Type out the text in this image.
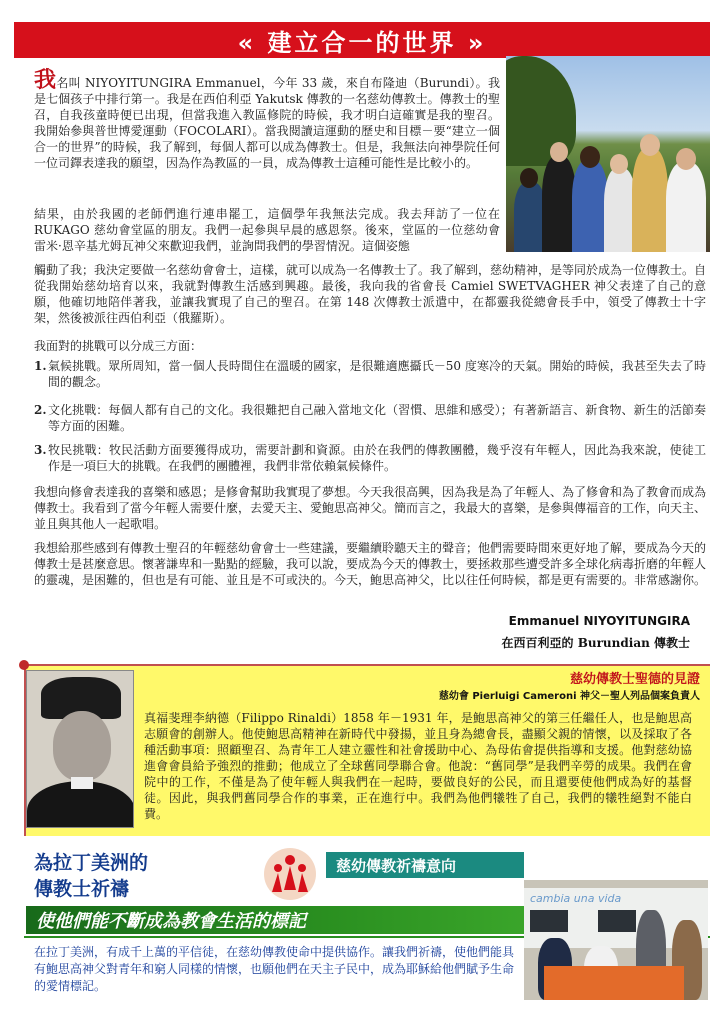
« 建立合一的世界 »
我名叫 NIYOYITUNGIRA Emmanuel，今年 33 歲，來自布隆迪（Burundi）。我是七個孩子中排行第一。我是在西伯利亞 Yakutsk 傳教的一名慈幼傳教士。傳教士的聖召，自我孩童時便已出現，但當我進入教區修院的時候，我才明白這確實是我的聖召。我開始參與普世博愛運動（FOCOLARI）。當我閱讀這運動的歷史和目標－要“建立一個合一的世界”的時候，我了解到，每個人都可以成為傳教士。但是，我無法向神學院任何一位司鐸表達我的願望，因為作為教區的一員，成為傳教士這種可能性是比較小的。
結果，由於我國的老師們進行連串罷工，這個學年我無法完成。我去拜訪了一位在 RUKAGO 慈幼會堂區的朋友。我們一起參與早晨的感恩祭。後來，堂區的一位慈幼會雷米·恩辛基尤姆瓦神父來歡迎我們，並詢問我們的學習情況。這個姿態
觸動了我；我決定要做一名慈幼會會士，這樣，就可以成為一名傳教士了。我了解到，慈幼精神，是等同於成為一位傳教士。自從我開始慈幼培育以來，我就對傳教生活感到興趣。最後，我向我的省會長 Camiel SWETVAGHER 神父表達了自己的意願，他確切地陪伴著我，並讓我實現了自己的聖召。在第 148 次傳教士派遣中，在都靈我從總會長手中，領受了傳教士十字架，然後被派往西伯利亞（俄羅斯）。
我面對的挑戰可以分成三方面：
1. 氣候挑戰。眾所周知，當一個人長時間住在溫暖的國家，是很難適應攝氏－50 度寒冷的天氣。開始的時候，我甚至失去了時間的觀念。
2. 文化挑戰：每個人都有自己的文化。我很難把自己融入當地文化（習慣、思維和感受）；有著新語言、新食物、新生的活節奏等方面的困難。
3. 牧民挑戰：牧民活動方面要獲得成功，需要計劃和資源。由於在我們的傳教團體，幾乎沒有年輕人，因此為我來說，使徒工作是一項巨大的挑戰。在我們的團體裡，我們非常依賴氣候條件。
我想向修會表達我的喜樂和感恩；是修會幫助我實現了夢想。今天我很高興，因為我是為了年輕人、為了修會和為了教會而成為傳教士。我看到了當今年輕人需要什麼，去愛天主、愛鮑思高神父。簡而言之，我最大的喜樂，是參與傳福音的工作，向天主、並且與其他人一起歌唱。
我想給那些感到有傳教士聖召的年輕慈幼會會士一些建議，要繼續聆聽天主的聲音；他們需要時間來更好地了解，要成為今天的傳教士是甚麼意思。懷著謙卑和一點點的經驗，我可以說，要成為今天的傳教士，要拯救那些遭受許多全球化病毒折磨的年輕人的靈魂，是困難的，但也是有可能、並且是不可或決的。今天，鮑思高神父，比以往任何時候，都是更有需要的。非常感謝你。
Emmanuel NIYOYITUNGIRA
在西百利亞的 Burundian 傳教士
慈幼傳教士聖德的見證
慈幼會 Pierluigi Cameroni 神父－聖人列品個案負責人
真福斐理李納德（Filippo Rinaldi）1858 年－1931 年，是鮑思高神父的第三任繼任人，也是鮑思高志願會的創辦人。他使鮑思高精神在新時代中發揚，並且身為總會長，盡顯父親的情懷，以及採取了各種活動事項：照顧聖召、為青年工人建立靈性和社會援助中心、為母佑會提供指導和支援。他對慈幼協進會會員給予強烈的推動；他成立了全球舊同學聯合會。他說：“舊同學”是我們辛勞的成果。我們在會院中的工作，不僅是為了使年輕人與我們在一起時，要做良好的公民，而且還要使他們成為好的基督徒。因此，與我們舊同學合作的事業，正在進行中。我們為他們犧牲了自己，我們的犧牲絕對不能白費。
為拉丁美洲的
傳教士祈禱
慈幼傳教祈禱意向
使他們能不斷成為教會生活的標記
在拉丁美洲，有成千上萬的平信徒，在慈幼傳教使命中提供協作。讓我們祈禱，使他們能具有鮑思高神父對青年和窮人同樣的情懷，也願他們在天主子民中，成為耶穌給他們賦予生命的愛情標記。
cambia una vida
